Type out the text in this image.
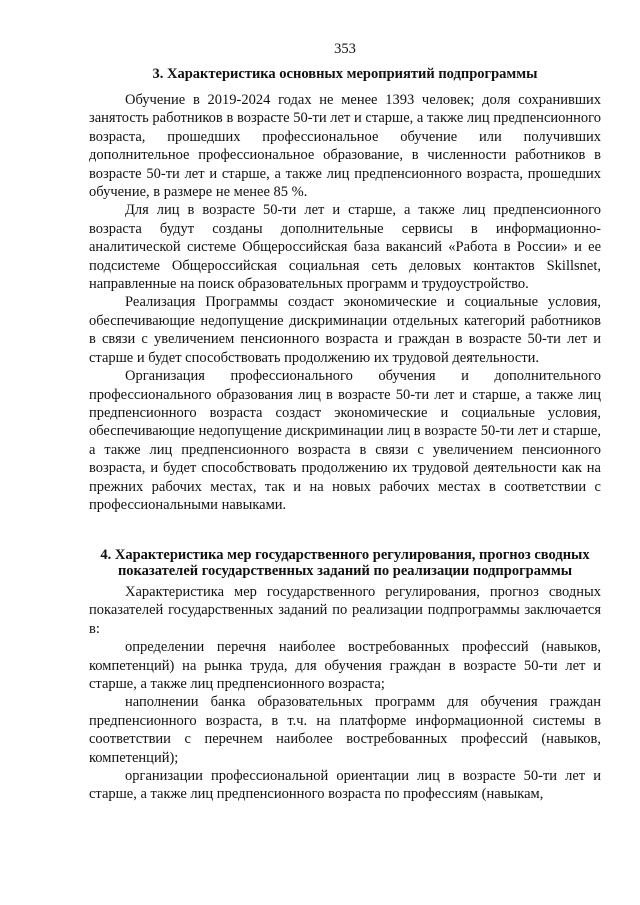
353

3. Характеристика основных мероприятий подпрограммы

Обучение в 2019-2024 годах не менее 1393 человек; доля сохранивших занятость работников в возрасте 50-ти лет и старше, а также лиц предпенсионного возраста, прошедших профессиональное обучение или получивших дополнительное профессиональное образование, в численности работников в возрасте 50-ти лет и старше, а также лиц предпенсионного возраста, прошедших обучение, в размере не менее 85 %.

Для лиц в возрасте 50-ти лет и старше, а также лиц предпенсионного возраста будут созданы дополнительные сервисы в информационно-аналитической системе Общероссийская база вакансий «Работа в России» и ее подсистеме Общероссийская социальная сеть деловых контактов Skillsnet, направленные на поиск образовательных программ и трудоустройство.

Реализация Программы создаст экономические и социальные условия, обеспечивающие недопущение дискриминации отдельных категорий работников в связи с увеличением пенсионного возраста и граждан в возрасте 50-ти лет и старше и будет способствовать продолжению их трудовой деятельности.

Организация профессионального обучения и дополнительного профессионального образования лиц в возрасте 50-ти лет и старше, а также лиц предпенсионного возраста создаст экономические и социальные условия, обеспечивающие недопущение дискриминации лиц в возрасте 50-ти лет и старше, а также лиц предпенсионного возраста в связи с увеличением пенсионного возраста, и будет способствовать продолжению их трудовой деятельности как на прежних рабочих местах, так и на новых рабочих местах в соответствии с профессиональными навыками.

4. Характеристика мер государственного регулирования, прогноз сводных
показателей государственных заданий по реализации подпрограммы

Характеристика мер государственного регулирования, прогноз сводных показателей государственных заданий по реализации подпрограммы заключается в:

определении перечня наиболее востребованных профессий (навыков, компетенций) на рынка труда, для обучения граждан в возрасте 50-ти лет и старше, а также лиц предпенсионного возраста;

наполнении банка образовательных программ для обучения граждан предпенсионного возраста, в т.ч. на платформе информационной системы в соответствии с перечнем наиболее востребованных профессий (навыков, компетенций);

организации профессиональной ориентации лиц в возрасте 50-ти лет и старше, а также лиц предпенсионного возраста по профессиям (навыкам,
